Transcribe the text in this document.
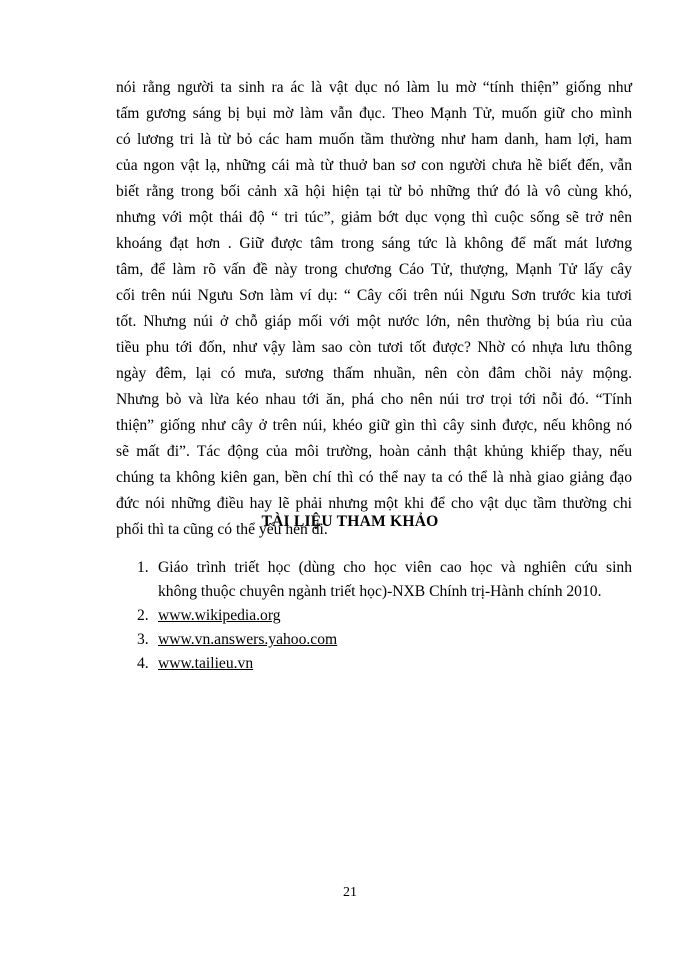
nói rằng người ta sinh ra ác là vật dục nó làm lu mờ “tính thiện” giống như
tấm gương sáng bị bụi mờ làm vẫn đục. Theo Mạnh Tử, muốn giữ cho mình
có lương tri là từ bỏ các ham muốn tầm thường như ham danh, ham lợi, ham
của ngon vật lạ, những cái mà từ thuở ban sơ con người chưa hề biết đến, vẫn
biết rằng trong bối cảnh xã hội hiện tại từ bỏ những thứ đó là vô cùng khó,
nhưng với một thái độ “ tri túc”, giảm bớt dục vọng thì cuộc sống sẽ trở nên
khoáng đạt hơn . Giữ được tâm trong sáng tức là không để mất mát lương
tâm, để làm rõ vấn đề này trong chương Cáo Tử, thượng, Mạnh Tử lấy cây
cối trên núi Ngưu Sơn làm ví dụ: “ Cây cối trên núi Ngưu Sơn trước kia tươi
tốt. Nhưng núi ở chỗ giáp mối với một nước lớn, nên thường bị búa rìu của
tiều phu tới đốn, như vậy làm sao còn tươi tốt được? Nhờ có nhựa lưu thông
ngày đêm, lại có mưa, sương thấm nhuần, nên còn đâm chồi nảy mộng.
Nhưng bò và lừa kéo nhau tới ăn, phá cho nên núi trơ trọi tới nỗi đó. “Tính
thiện” giống như cây ở trên núi, khéo giữ gìn thì cây sinh được, nếu không nó
sẽ mất đi”. Tác động của môi trường, hoàn cảnh thật khủng khiếp thay, nếu
chúng ta không kiên gan, bền chí thì có thể nay ta có thể là nhà giao giảng đạo
đức nói những điều hay lẽ phải nhưng một khi để cho vật dục tầm thường chi
phối thì ta cũng có thể yếu hèn đi.
TÀI LIỆU THAM KHẢO
1. Giáo trình triết học (dùng cho học viên cao học và nghiên cứu sinh
không thuộc chuyên ngành triết học)-NXB Chính trị-Hành chính 2010.
2. www.wikipedia.org
3. www.vn.answers.yahoo.com
4. www.tailieu.vn
21
